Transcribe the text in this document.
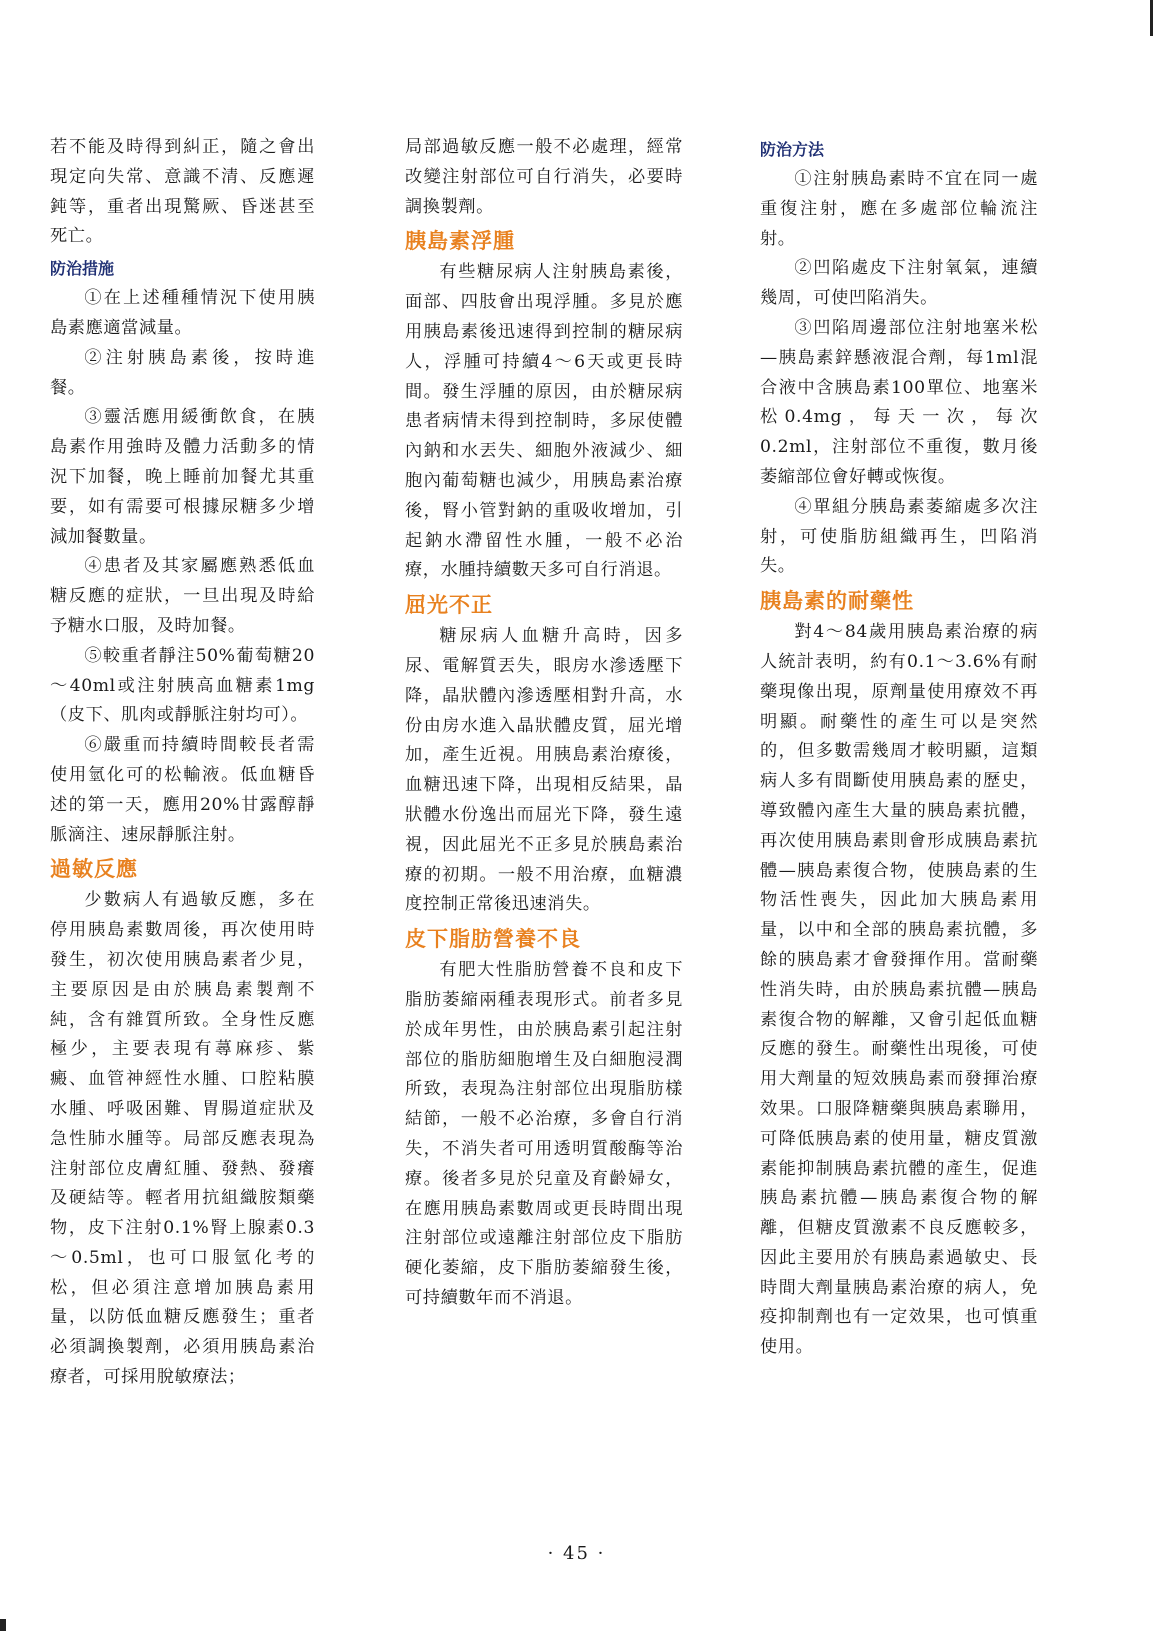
若不能及時得到糾正，隨之會出現定向失常、意識不清、反應遲鈍等，重者出現驚厥、昏迷甚至死亡。

防治措施

①在上述種種情況下使用胰島素應適當減量。

②注射胰島素後，按時進餐。

③靈活應用緩衝飲食，在胰島素作用強時及體力活動多的情況下加餐，晚上睡前加餐尤其重要，如有需要可根據尿糖多少增減加餐數量。

④患者及其家屬應熟悉低血糖反應的症狀，一旦出現及時給予糖水口服，及時加餐。

⑤較重者靜注50%葡萄糖20～40ml或注射胰高血糖素1mg（皮下、肌肉或靜脈注射均可）。

⑥嚴重而持續時間較長者需使用氫化可的松輸液。低血糖昏述的第一天，應用20%甘露醇靜脈滴注、速尿靜脈注射。

過敏反應

少數病人有過敏反應，多在停用胰島素數周後，再次使用時發生，初次使用胰島素者少見，主要原因是由於胰島素製劑不純，含有雜質所致。全身性反應極少，主要表現有蕁麻疹、紫癜、血管神經性水腫、口腔粘膜水腫、呼吸困難、胃腸道症狀及急性肺水腫等。局部反應表現為注射部位皮膚紅腫、發熱、發癢及硬結等。輕者用抗組織胺類藥物，皮下注射0.1%腎上腺素0.3～0.5ml，也可口服氫化考的松，但必須注意增加胰島素用量，以防低血糖反應發生；重者必須調換製劑，必須用胰島素治療者，可採用脫敏療法；

局部過敏反應一般不必處理，經常改變注射部位可自行消失，必要時調換製劑。

胰島素浮腫

有些糖尿病人注射胰島素後，面部、四肢會出現浮腫。多見於應用胰島素後迅速得到控制的糖尿病人，浮腫可持續4～6天或更長時間。發生浮腫的原因，由於糖尿病患者病情未得到控制時，多尿使體內鈉和水丟失、細胞外液減少、細胞內葡萄糖也減少，用胰島素治療後，腎小管對鈉的重吸收增加，引起鈉水滯留性水腫，一般不必治療，水腫持續數天多可自行消退。

屈光不正

糖尿病人血糖升高時，因多尿、電解質丟失，眼房水滲透壓下降，晶狀體內滲透壓相對升高，水份由房水進入晶狀體皮質，屈光增加，產生近視。用胰島素治療後，血糖迅速下降，出現相反結果，晶狀體水份逸出而屈光下降，發生遠視，因此屈光不正多見於胰島素治療的初期。一般不用治療，血糖濃度控制正常後迅速消失。

皮下脂肪營養不良

有肥大性脂肪營養不良和皮下脂肪萎縮兩種表現形式。前者多見於成年男性，由於胰島素引起注射部位的脂肪細胞增生及白細胞浸潤所致，表現為注射部位出現脂肪樣結節，一般不必治療，多會自行消失，不消失者可用透明質酸酶等治療。後者多見於兒童及育齡婦女，在應用胰島素數周或更長時間出現注射部位或遠離注射部位皮下脂肪硬化萎縮，皮下脂肪萎縮發生後，可持續數年而不消退。

防治方法

①注射胰島素時不宜在同一處重復注射，應在多處部位輪流注射。

②凹陷處皮下注射氧氣，連續幾周，可使凹陷消失。

③凹陷周邊部位注射地塞米松—胰島素鋅懸液混合劑，每1ml混合液中含胰島素100單位、地塞米松0.4mg，每天一次，每次0.2ml，注射部位不重復，數月後萎縮部位會好轉或恢復。

④單組分胰島素萎縮處多次注射，可使脂肪組織再生，凹陷消失。

胰島素的耐藥性

對4～84歲用胰島素治療的病人統計表明，約有0.1～3.6%有耐藥現像出現，原劑量使用療效不再明顯。耐藥性的產生可以是突然的，但多數需幾周才較明顯，這類病人多有間斷使用胰島素的歷史，導致體內產生大量的胰島素抗體，再次使用胰島素則會形成胰島素抗體—胰島素復合物，使胰島素的生物活性喪失，因此加大胰島素用量，以中和全部的胰島素抗體，多餘的胰島素才會發揮作用。當耐藥性消失時，由於胰島素抗體—胰島素復合物的解離，又會引起低血糖反應的發生。耐藥性出現後，可使用大劑量的短效胰島素而發揮治療效果。口服降糖藥與胰島素聯用，可降低胰島素的使用量，糖皮質激素能抑制胰島素抗體的產生，促進胰島素抗體—胰島素復合物的解離，但糖皮質激素不良反應較多，因此主要用於有胰島素過敏史、長時間大劑量胰島素治療的病人，免疫抑制劑也有一定效果，也可慎重使用。

· 45 ·
